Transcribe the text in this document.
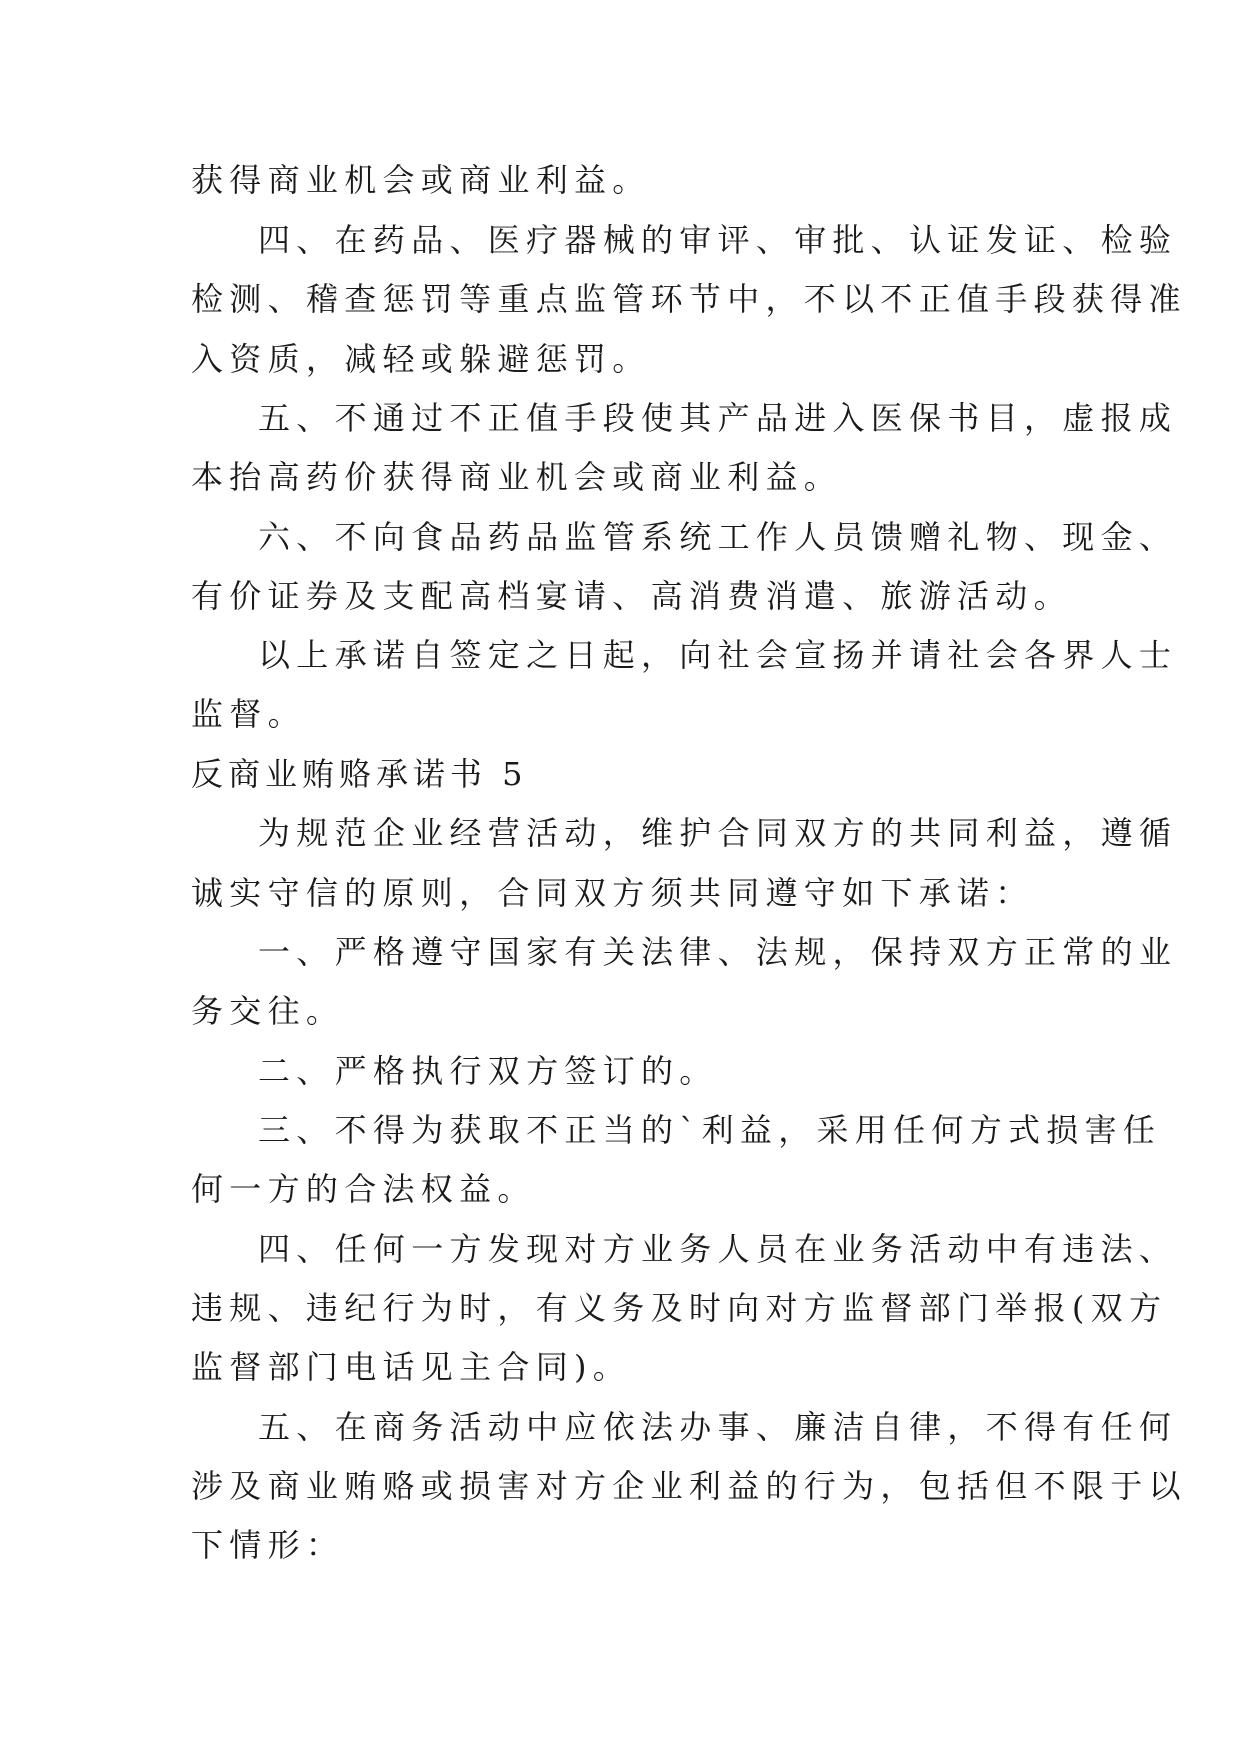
获得商业机会或商业利益。
四、在药品、医疗器械的审评、审批、认证发证、检验
检测、稽查惩罚等重点监管环节中，不以不正值手段获得准
入资质，减轻或躲避惩罚。
五、不通过不正值手段使其产品进入医保书目，虚报成
本抬高药价获得商业机会或商业利益。
六、不向食品药品监管系统工作人员馈赠礼物、现金、
有价证券及支配高档宴请、高消费消遣、旅游活动。
以上承诺自签定之日起，向社会宣扬并请社会各界人士
监督。
反商业贿赂承诺书 5
为规范企业经营活动，维护合同双方的共同利益，遵循
诚实守信的原则，合同双方须共同遵守如下承诺：
一、严格遵守国家有关法律、法规，保持双方正常的业
务交往。
二、严格执行双方签订的。
三、不得为获取不正当的`利益，采用任何方式损害任
何一方的合法权益。
四、任何一方发现对方业务人员在业务活动中有违法、
违规、违纪行为时，有义务及时向对方监督部门举报(双方
监督部门电话见主合同)。
五、在商务活动中应依法办事、廉洁自律，不得有任何
涉及商业贿赂或损害对方企业利益的行为，包括但不限于以
下情形：
